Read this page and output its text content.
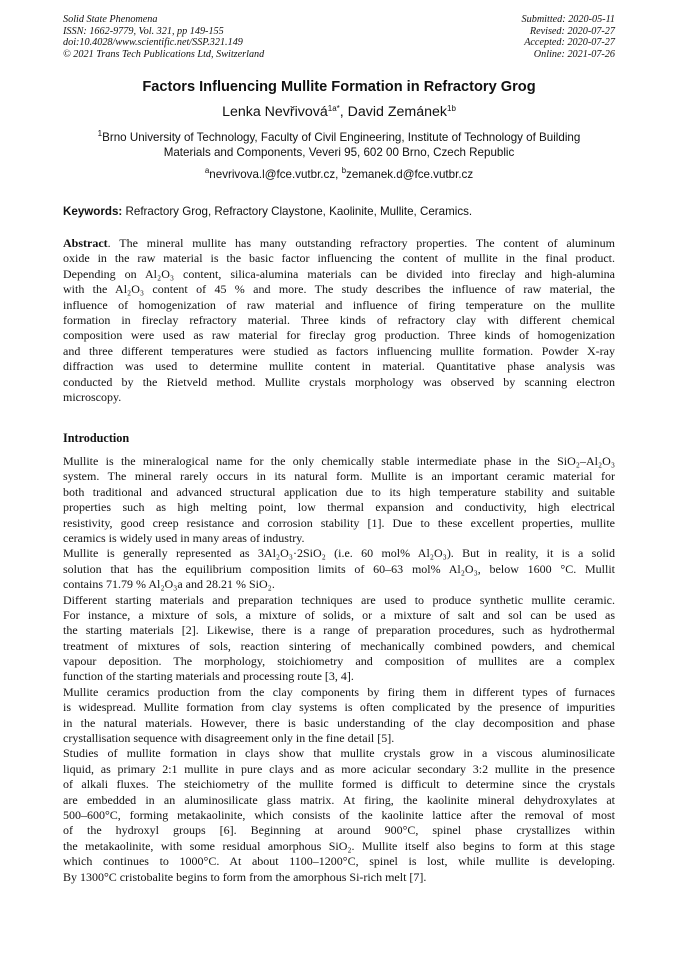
Solid State Phenomena
ISSN: 1662-9779, Vol. 321, pp 149-155
doi:10.4028/www.scientific.net/SSP.321.149
© 2021 Trans Tech Publications Ltd, Switzerland
Submitted: 2020-05-11
Revised: 2020-07-27
Accepted: 2020-07-27
Online: 2021-07-26
Factors Influencing Mullite Formation in Refractory Grog
Lenka Nevřivová$^{1a*}$, David Zemánek$^{1b}$
$^1$Brno University of Technology, Faculty of Civil Engineering, Institute of Technology of Building
Materials and Components, Veveri 95, 602 00 Brno, Czech Republic
$^a$nevrivova.l@fce.vutbr.cz, $^b$zemanek.d@fce.vutbr.cz
Keywords: Refractory Grog, Refractory Claystone, Kaolinite, Mullite, Ceramics.
Abstract. The mineral mullite has many outstanding refractory properties. The content of aluminum
oxide in the raw material is the basic factor influencing the content of mullite in the final product.
Depending on Al₂O₃ content, silica-alumina materials can be divided into fireclay and high-alumina
with the Al₂O₃ content of 45 % and more. The study describes the influence of raw material, the
influence of homogenization of raw material and influence of firing temperature on the mullite
formation in fireclay refractory material. Three kinds of refractory clay with different chemical
composition were used as raw material for fireclay grog production. Three kinds of homogenization
and three different temperatures were studied as factors influencing mullite formation. Powder X-ray
diffraction was used to determine mullite content in material. Quantitative phase analysis was
conducted by the Rietveld method. Mullite crystals morphology was observed by scanning electron
microscopy.
Introduction
Mullite is the mineralogical name for the only chemically stable intermediate phase in the SiO₂–Al₂O₃
system. The mineral rarely occurs in its natural form. Mullite is an important ceramic material for
both traditional and advanced structural application due to its high temperature stability and suitable
properties such as high melting point, low thermal expansion and conductivity, high electrical
resistivity, good creep resistance and corrosion stability [1]. Due to these excellent properties, mullite
ceramics is widely used in many areas of industry.
Mullite is generally represented as 3Al₂O₃·2SiO₂ (i.e. 60 mol% Al₂O₃). But in reality, it is a solid
solution that has the equilibrium composition limits of 60–63 mol% Al₂O₃, below 1600 °C. Mullit
contains 71.79 % Al₂O₃a and 28.21 % SiO₂.
Different starting materials and preparation techniques are used to produce synthetic mullite ceramic.
For instance, a mixture of sols, a mixture of solids, or a mixture of salt and sol can be used as
the starting materials [2]. Likewise, there is a range of preparation procedures, such as hydrothermal
treatment of mixtures of sols, reaction sintering of mechanically combined powders, and chemical
vapour deposition. The morphology, stoichiometry and composition of mullites are a complex
function of the starting materials and processing route [3, 4].
Mullite ceramics production from the clay components by firing them in different types of furnaces
is widespread. Mullite formation from clay systems is often complicated by the presence of impurities
in the natural materials. However, there is basic understanding of the clay decomposition and phase
crystallisation sequence with disagreement only in the fine detail [5].
Studies of mullite formation in clays show that mullite crystals grow in a viscous aluminosilicate
liquid, as primary 2:1 mullite in pure clays and as more acicular secondary 3:2 mullite in the presence
of alkali fluxes. The steichiometry of the mullite formed is difficult to determine since the crystals
are embedded in an aluminosilicate glass matrix. At firing, the kaolinite mineral dehydroxylates at
500–600°C, forming metakaolinite, which consists of the kaolinite lattice after the removal of most
of the hydroxyl groups [6]. Beginning at around 900°C, spinel phase crystallizes within
the metakaolinite, with some residual amorphous SiO₂. Mullite itself also begins to form at this stage
which continues to 1000°C. At about 1100–1200°C, spinel is lost, while mullite is developing.
By 1300°C cristobalite begins to form from the amorphous Si-rich melt [7].
